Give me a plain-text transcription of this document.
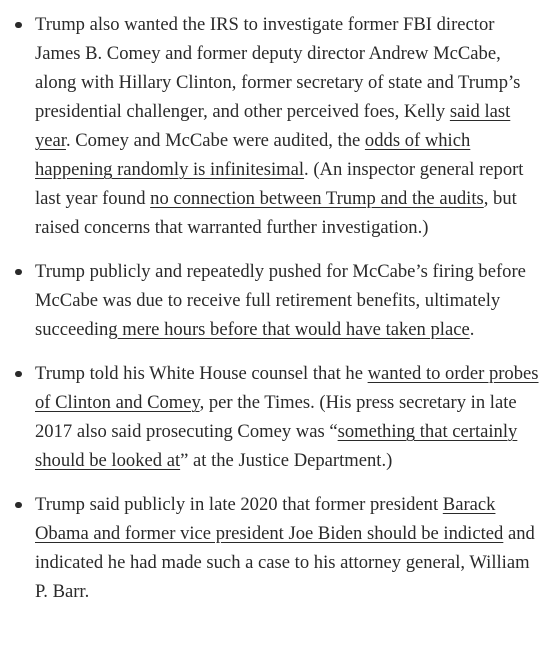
Trump also wanted the IRS to investigate former FBI director James B. Comey and former deputy director Andrew McCabe, along with Hillary Clinton, former secretary of state and Trump’s presidential challenger, and other perceived foes, Kelly said last year. Comey and McCabe were audited, the odds of which happening randomly is infinitesimal. (An inspector general report last year found no connection between Trump and the audits, but raised concerns that warranted further investigation.)
Trump publicly and repeatedly pushed for McCabe’s firing before McCabe was due to receive full retirement benefits, ultimately succeeding mere hours before that would have taken place.
Trump told his White House counsel that he wanted to order probes of Clinton and Comey, per the Times. (His press secretary in late 2017 also said prosecuting Comey was “something that certainly should be looked at” at the Justice Department.)
Trump said publicly in late 2020 that former president Barack Obama and former vice president Joe Biden should be indicted and indicated he had made such a case to his attorney general, William P. Barr.
